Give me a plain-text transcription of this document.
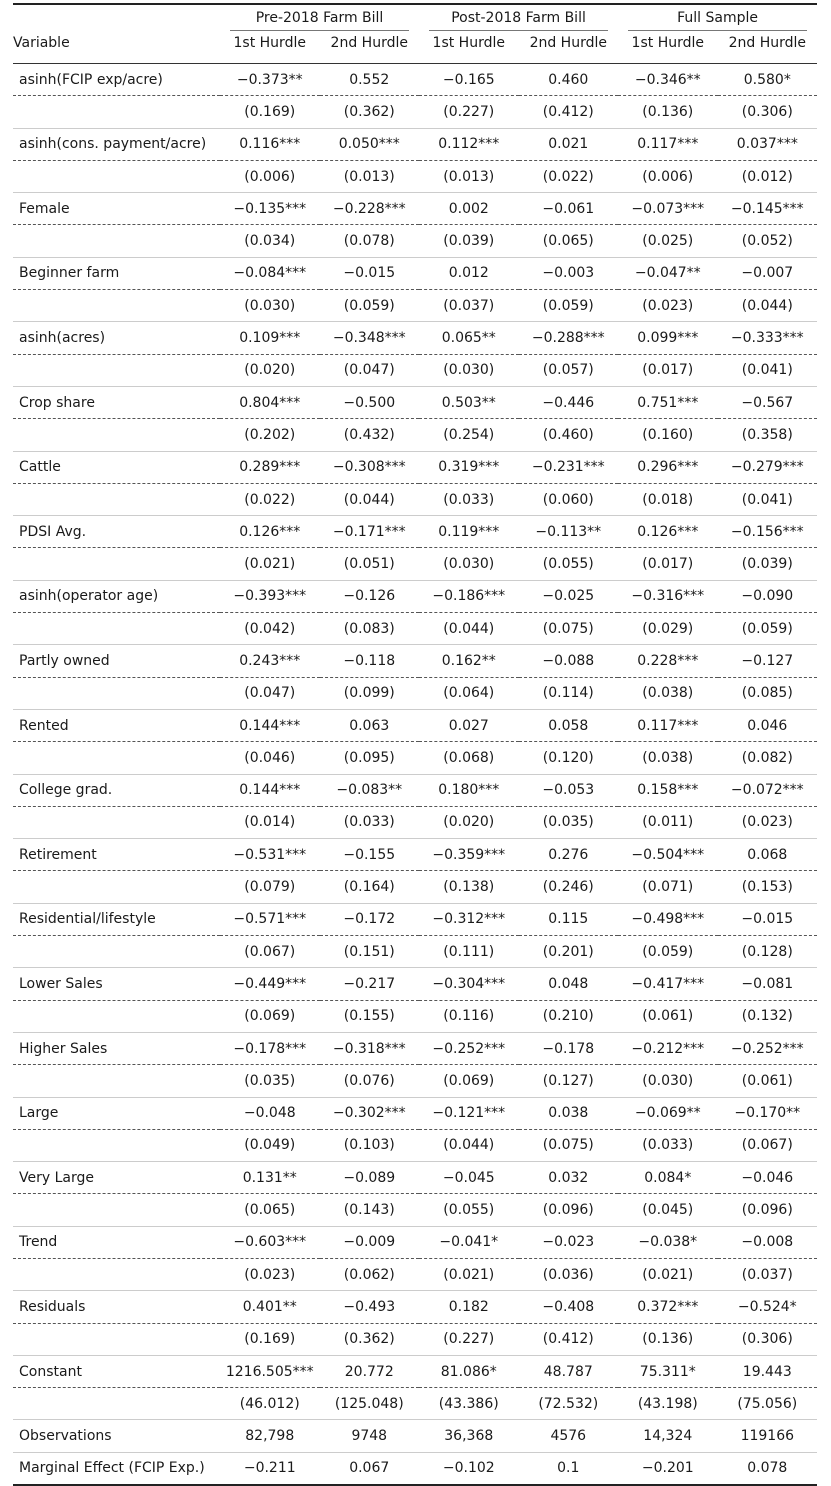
	Pre-2018 Farm Bill		Post-2018 Farm Bill		Full Sample	

Variable	1st Hurdle	2nd Hurdle	1st Hurdle	2nd Hurdle	1st Hurdle	2nd Hurdle
asinh(FCIP exp/acre)	−0.373**	0.552	−0.165	0.460	−0.346**	0.580*
	(0.169)	(0.362)	(0.227)	(0.412)	(0.136)	(0.306)
asinh(cons. payment/acre)	0.116***	0.050***	0.112***	0.021	0.117***	0.037***
	(0.006)	(0.013)	(0.013)	(0.022)	(0.006)	(0.012)
Female	−0.135***	−0.228***	0.002	−0.061	−0.073***	−0.145***
	(0.034)	(0.078)	(0.039)	(0.065)	(0.025)	(0.052)
Beginner farm	−0.084***	−0.015	0.012	−0.003	−0.047**	−0.007
	(0.030)	(0.059)	(0.037)	(0.059)	(0.023)	(0.044)
asinh(acres)	0.109***	−0.348***	0.065**	−0.288***	0.099***	−0.333***
	(0.020)	(0.047)	(0.030)	(0.057)	(0.017)	(0.041)
Crop share	0.804***	−0.500	0.503**	−0.446	0.751***	−0.567
	(0.202)	(0.432)	(0.254)	(0.460)	(0.160)	(0.358)
Cattle	0.289***	−0.308***	0.319***	−0.231***	0.296***	−0.279***
	(0.022)	(0.044)	(0.033)	(0.060)	(0.018)	(0.041)
PDSI Avg.	0.126***	−0.171***	0.119***	−0.113**	0.126***	−0.156***
	(0.021)	(0.051)	(0.030)	(0.055)	(0.017)	(0.039)
asinh(operator age)	−0.393***	−0.126	−0.186***	−0.025	−0.316***	−0.090
	(0.042)	(0.083)	(0.044)	(0.075)	(0.029)	(0.059)
Partly owned	0.243***	−0.118	0.162**	−0.088	0.228***	−0.127
	(0.047)	(0.099)	(0.064)	(0.114)	(0.038)	(0.085)
Rented	0.144***	0.063	0.027	0.058	0.117***	0.046
	(0.046)	(0.095)	(0.068)	(0.120)	(0.038)	(0.082)
College grad.	0.144***	−0.083**	0.180***	−0.053	0.158***	−0.072***
	(0.014)	(0.033)	(0.020)	(0.035)	(0.011)	(0.023)
Retirement	−0.531***	−0.155	−0.359***	0.276	−0.504***	0.068
	(0.079)	(0.164)	(0.138)	(0.246)	(0.071)	(0.153)
Residential/lifestyle	−0.571***	−0.172	−0.312***	0.115	−0.498***	−0.015
	(0.067)	(0.151)	(0.111)	(0.201)	(0.059)	(0.128)
Lower Sales	−0.449***	−0.217	−0.304***	0.048	−0.417***	−0.081
	(0.069)	(0.155)	(0.116)	(0.210)	(0.061)	(0.132)
Higher Sales	−0.178***	−0.318***	−0.252***	−0.178	−0.212***	−0.252***
	(0.035)	(0.076)	(0.069)	(0.127)	(0.030)	(0.061)
Large	−0.048	−0.302***	−0.121***	0.038	−0.069**	−0.170**
	(0.049)	(0.103)	(0.044)	(0.075)	(0.033)	(0.067)
Very Large	0.131**	−0.089	−0.045	0.032	0.084*	−0.046
	(0.065)	(0.143)	(0.055)	(0.096)	(0.045)	(0.096)
Trend	−0.603***	−0.009	−0.041*	−0.023	−0.038*	−0.008
	(0.023)	(0.062)	(0.021)	(0.036)	(0.021)	(0.037)
Residuals	0.401**	−0.493	0.182	−0.408	0.372***	−0.524*
	(0.169)	(0.362)	(0.227)	(0.412)	(0.136)	(0.306)
Constant	1216.505***	20.772	81.086*	48.787	75.311*	19.443
	(46.012)	(125.048)	(43.386)	(72.532)	(43.198)	(75.056)
Observations	82,798	9748	36,368	4576	14,324	119166
Marginal Effect (FCIP Exp.)	−0.211	0.067	−0.102	0.1	−0.201	0.078
